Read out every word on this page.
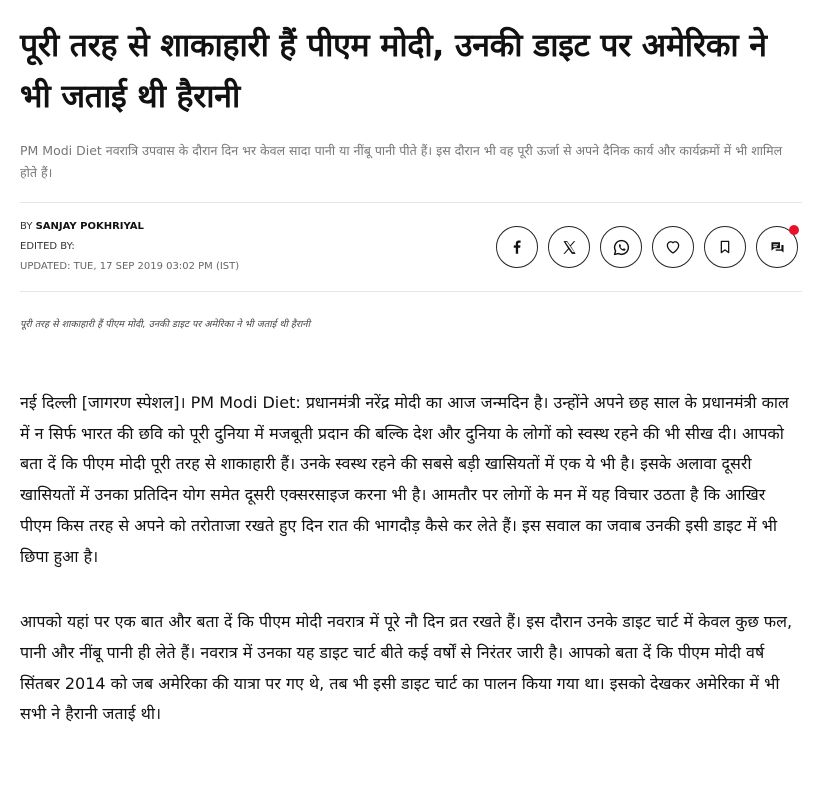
पूरी तरह से शाकाहारी हैं पीएम मोदी, उनकी डाइट पर अमेरिका ने भी जताई थी हैरानी

PM Modi Diet नवरात्रि उपवास के दौरान दिन भर केवल सादा पानी या नींबू पानी पीते हैं। इस दौरान भी वह पूरी ऊर्जा से अपने दैनिक कार्य और कार्यक्रमों में भी शामिल होते हैं।

BY SANJAY POKHRIYAL
EDITED BY:
UPDATED: TUE, 17 SEP 2019 03:02 PM (IST)

पूरी तरह से शाकाहारी हैं पीएम मोदी, उनकी डाइट पर अमेरिका ने भी जताई थी हैरानी

नई दिल्ली [जागरण स्पेशल]। PM Modi Diet: प्रधानमंत्री नरेंद्र मोदी का आज जन्मदिन है। उन्होंने अपने छह साल के प्रधानमंत्री काल में न सिर्फ भारत की छवि को पूरी दुनिया में मजबूती प्रदान की बल्कि देश और दुनिया के लोगों को स्वस्थ रहने की भी सीख दी। आपको बता दें कि पीएम मोदी पूरी तरह से शाकाहारी हैं। उनके स्वस्थ रहने की सबसे बड़ी खासियतों में एक ये भी है। इसके अलावा दूसरी खासियतों में उनका प्रतिदिन योग समेत दूसरी एक्सरसाइज करना भी है। आमतौर पर लोगों के मन में यह विचार उठता है कि आखिर पीएम किस तरह से अपने को तरोताजा रखते हुए दिन रात की भागदौड़ कैसे कर लेते हैं। इस सवाल का जवाब उनकी इसी डाइट में भी छिपा हुआ है।

आपको यहां पर एक बात और बता दें कि पीएम मोदी नवरात्र में पूरे नौ दिन व्रत रखते हैं। इस दौरान उनके डाइट चार्ट में केवल कुछ फल, पानी और नींबू पानी ही लेते हैं। नवरात्र में उनका यह डाइट चार्ट बीते कई वर्षों से निरंतर जारी है। आपको बता दें कि पीएम मोदी वर्ष सिंतबर 2014 को जब अमेरिका की यात्रा पर गए थे, तब भी इसी डाइट चार्ट का पालन किया गया था। इसको देखकर अमेरिका में भी सभी ने हैरानी जताई थी।
